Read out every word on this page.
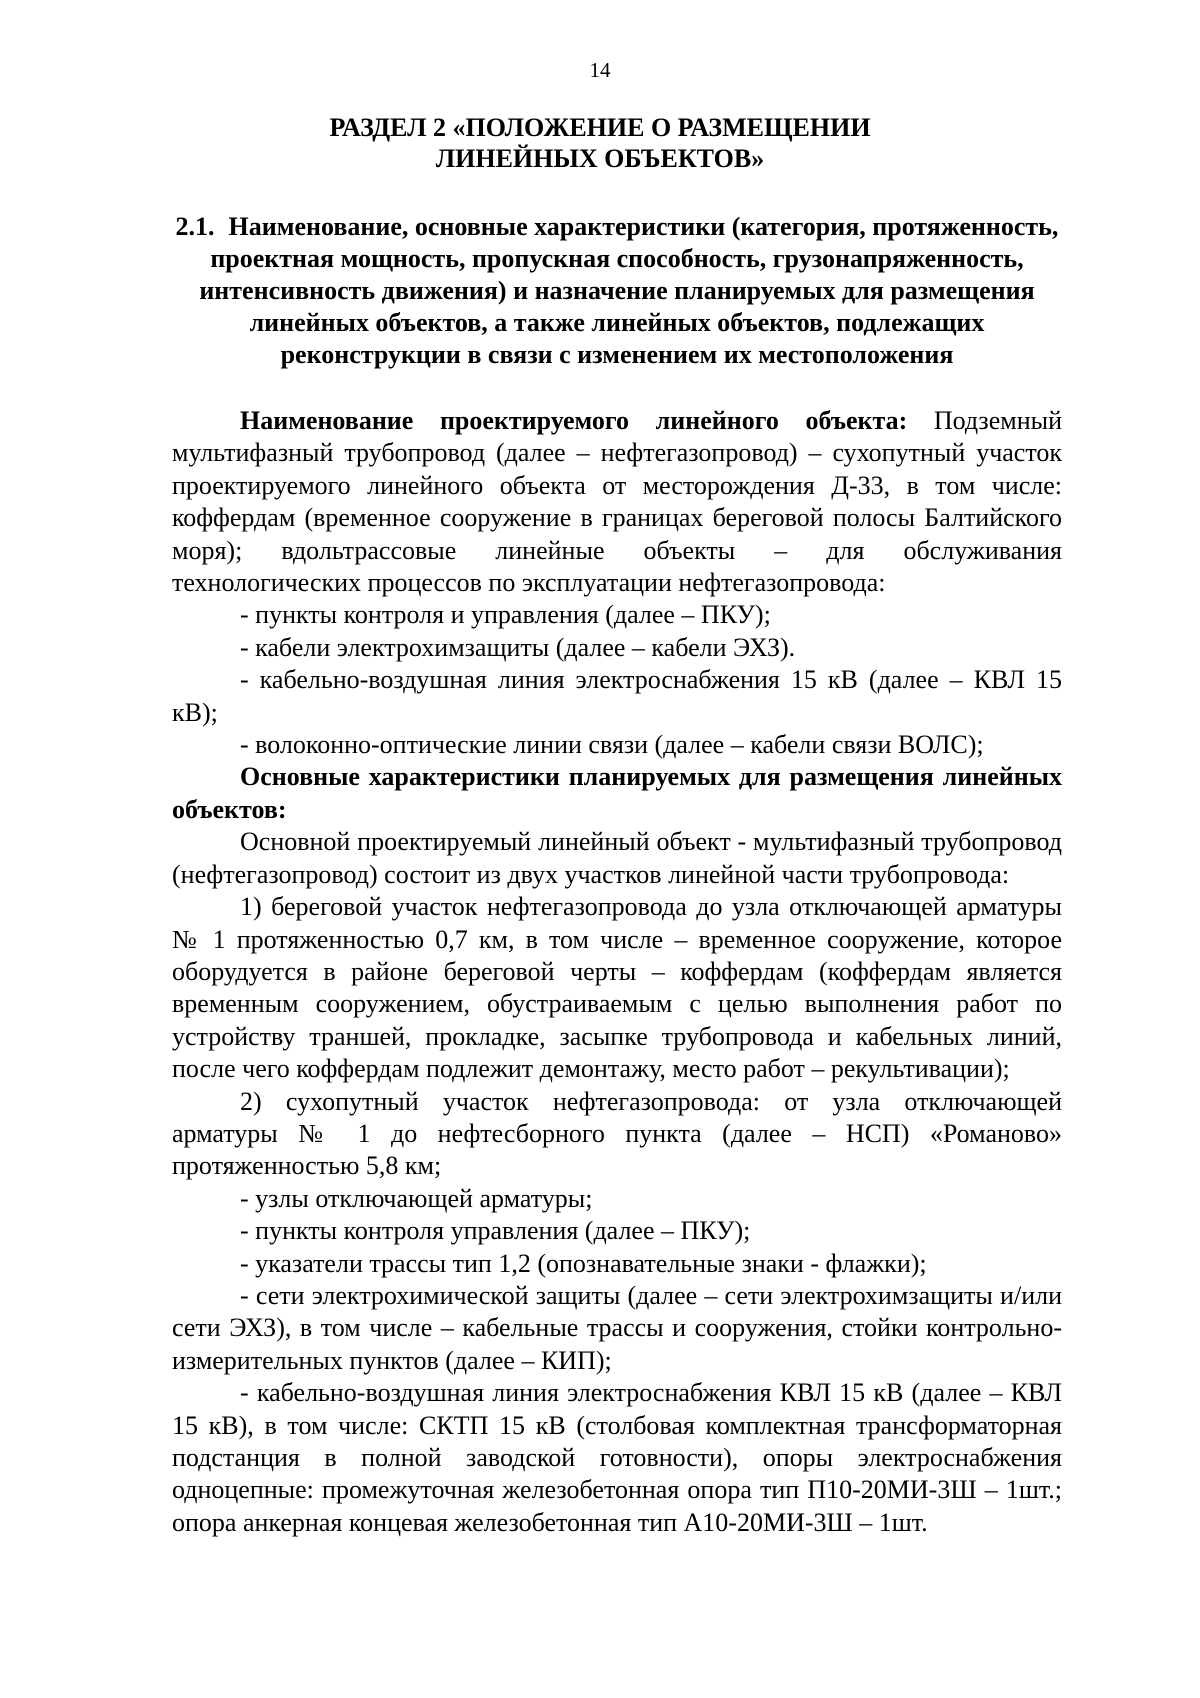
14
РАЗДЕЛ 2 «ПОЛОЖЕНИЕ О РАЗМЕЩЕНИИ
ЛИНЕЙНЫХ ОБЪЕКТОВ»
2.1. Наименование, основные характеристики (категория, протяженность, проектная мощность, пропускная способность, грузонапряженность, интенсивность движения) и назначение планируемых для размещения линейных объектов, а также линейных объектов, подлежащих реконструкции в связи с изменением их местоположения

Наименование проектируемого линейного объекта: Подземный мультифазный трубопровод (далее – нефтегазопровод) – сухопутный участок проектируемого линейного объекта от месторождения Д-33, в том числе: коффердам (временное сооружение в границах береговой полосы Балтийского моря); вдольтрассовые линейные объекты – для обслуживания технологических процессов по эксплуатации нефтегазопровода:

- пункты контроля и управления (далее – ПКУ);

- кабели электрохимзащиты (далее – кабели ЭХЗ).

- кабельно-воздушная линия электроснабжения 15 кВ (далее – КВЛ 15 кВ);

- волоконно-оптические линии связи (далее – кабели связи ВОЛС);

Основные характеристики планируемых для размещения линейных объектов:

Основной проектируемый линейный объект - мультифазный трубопровод (нефтегазопровод) состоит из двух участков линейной части трубопровода:

1) береговой участок нефтегазопровода до узла отключающей арматуры № 1 протяженностью 0,7 км, в том числе – временное сооружение, которое оборудуется в районе береговой черты – коффердам (коффердам является временным сооружением, обустраиваемым с целью выполнения работ по устройству траншей, прокладке, засыпке трубопровода и кабельных линий, после чего коффердам подлежит демонтажу, место работ – рекультивации);

2) сухопутный участок нефтегазопровода: от узла отключающей арматуры № 1 до нефтесборного пункта (далее – НСП) «Романово» протяженностью 5,8 км;

- узлы отключающей арматуры;

- пункты контроля управления (далее – ПКУ);

- указатели трассы тип 1,2 (опознавательные знаки - флажки);

- сети электрохимической защиты (далее – сети электрохимзащиты и/или сети ЭХЗ), в том числе – кабельные трассы и сооружения, стойки контрольно-измерительных пунктов (далее – КИП);

- кабельно-воздушная линия электроснабжения КВЛ 15 кВ (далее – КВЛ 15 кВ), в том числе: СКТП 15 кВ (столбовая комплектная трансформаторная подстанция в полной заводской готовности), опоры электроснабжения одноцепные: промежуточная железобетонная опора тип П10-20МИ-3Ш – 1шт.; опора анкерная концевая железобетонная тип А10-20МИ-3Ш – 1шт.
